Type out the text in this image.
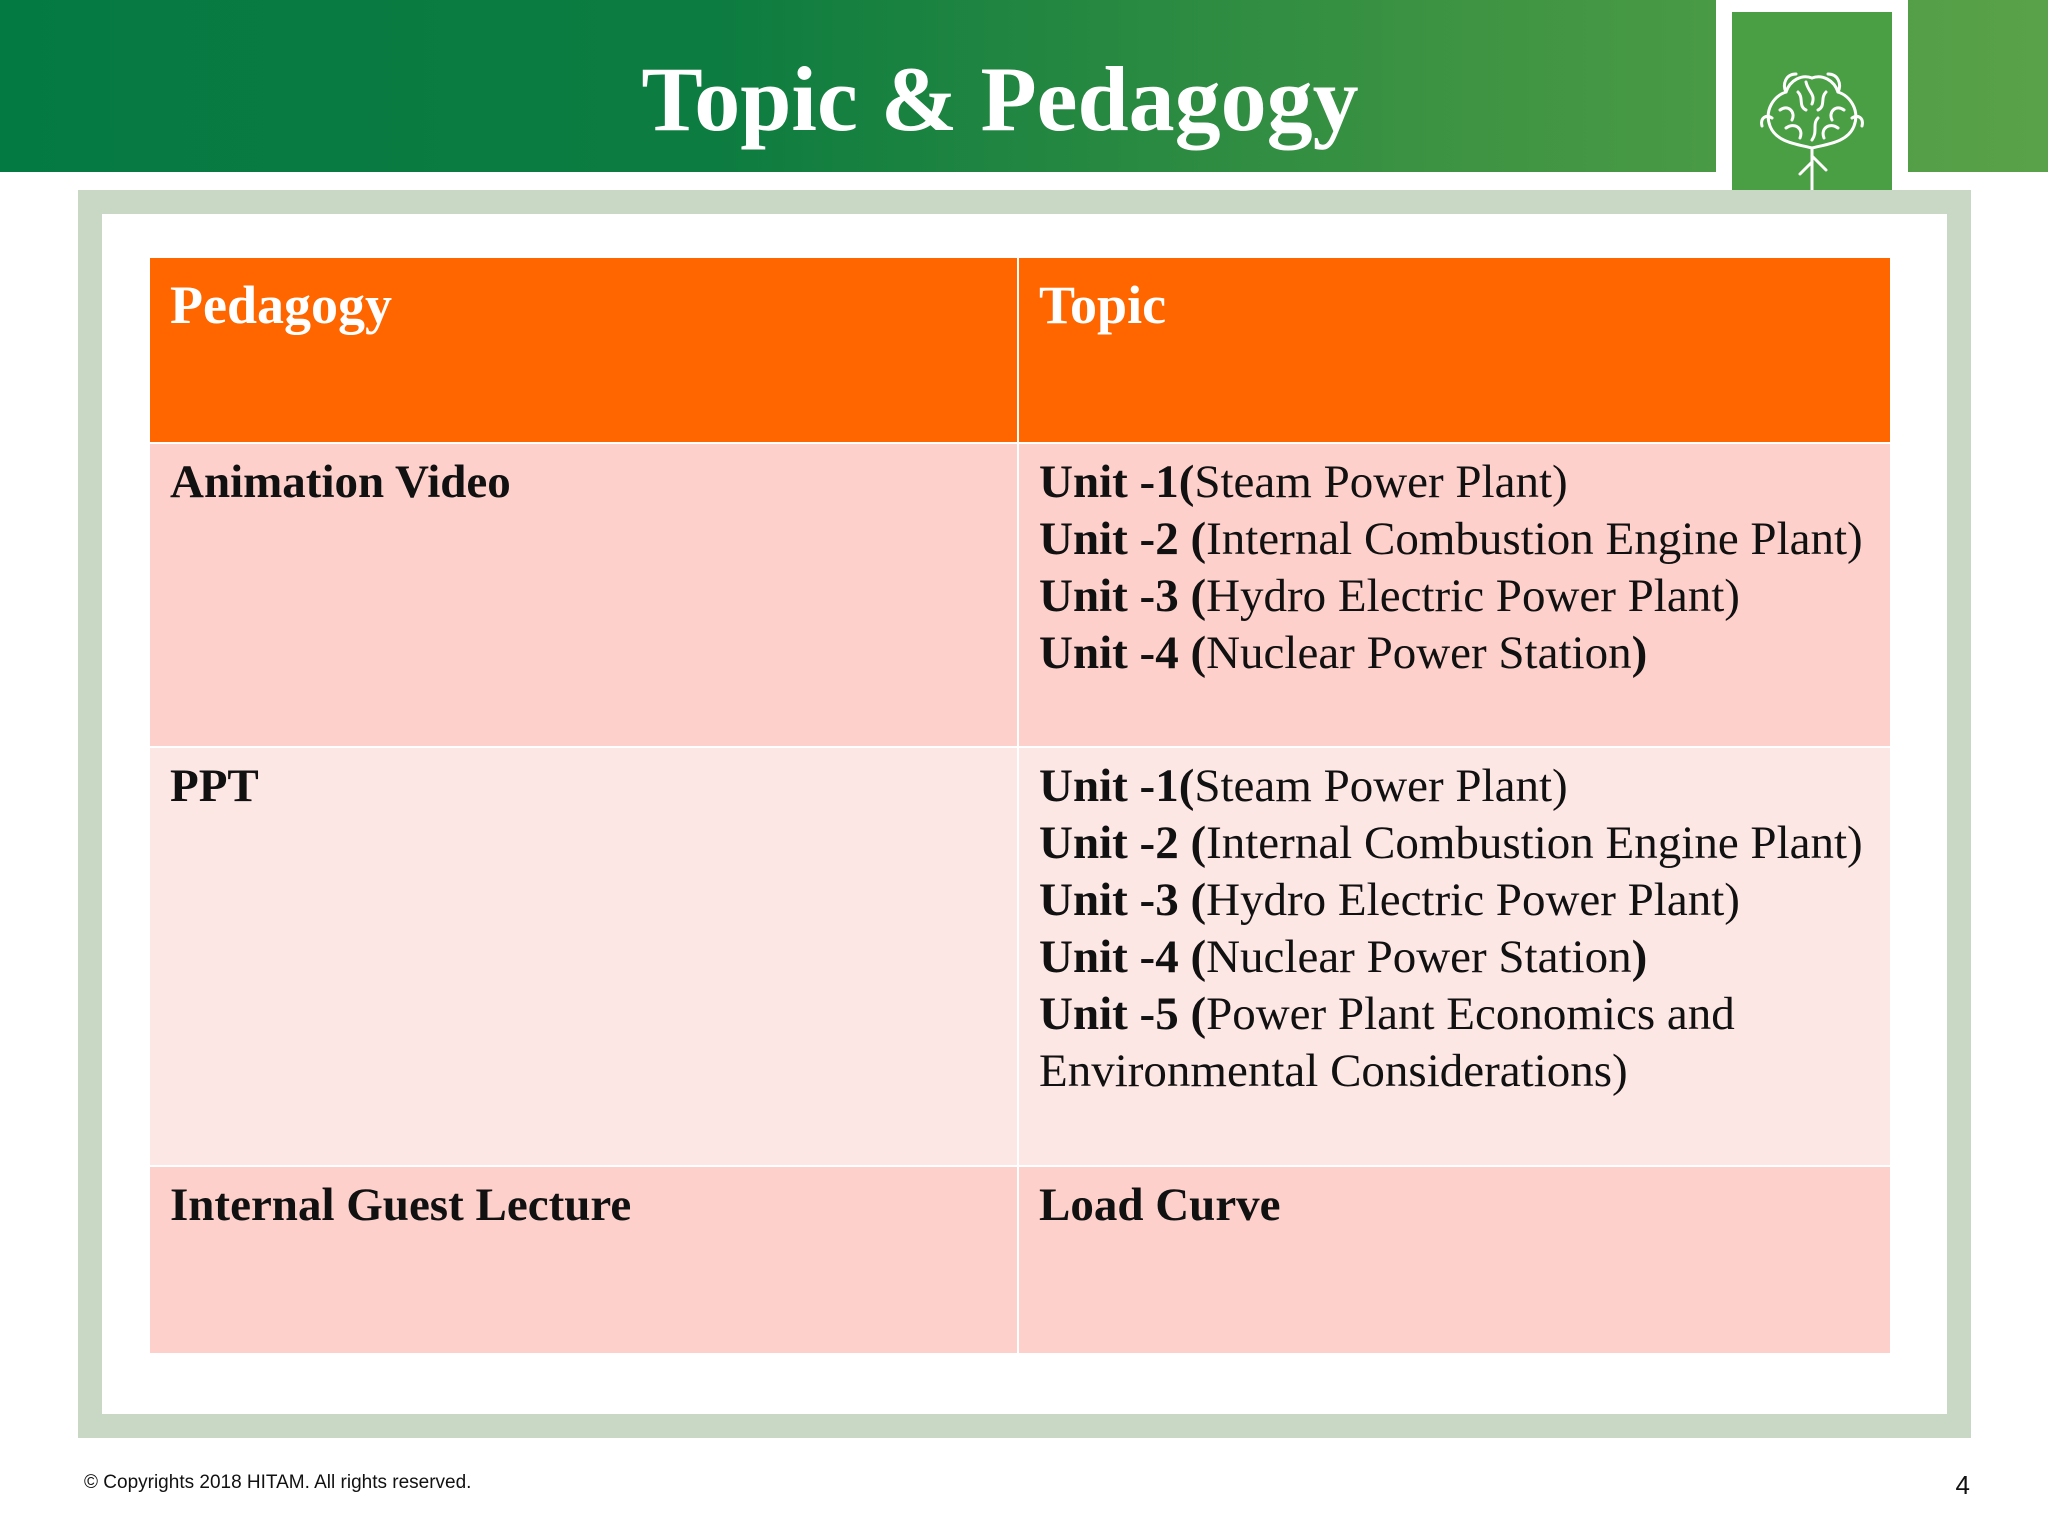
Topic & Pedagogy
Pedagogy	Topic
Animation Video	Unit -1(Steam Power Plant)
Unit -2 (Internal Combustion Engine Plant)
Unit -3 (Hydro Electric Power Plant)
Unit -4 (Nuclear Power Station)

PPT	Unit -1(Steam Power Plant)
Unit -2 (Internal Combustion Engine Plant)
Unit -3 (Hydro Electric Power Plant)
Unit -4 (Nuclear Power Station)
Unit -5 (Power Plant Economics and Environmental Considerations)

Internal Guest Lecture	Load Curve
© Copyrights 2018 HITAM. All rights reserved.	4
